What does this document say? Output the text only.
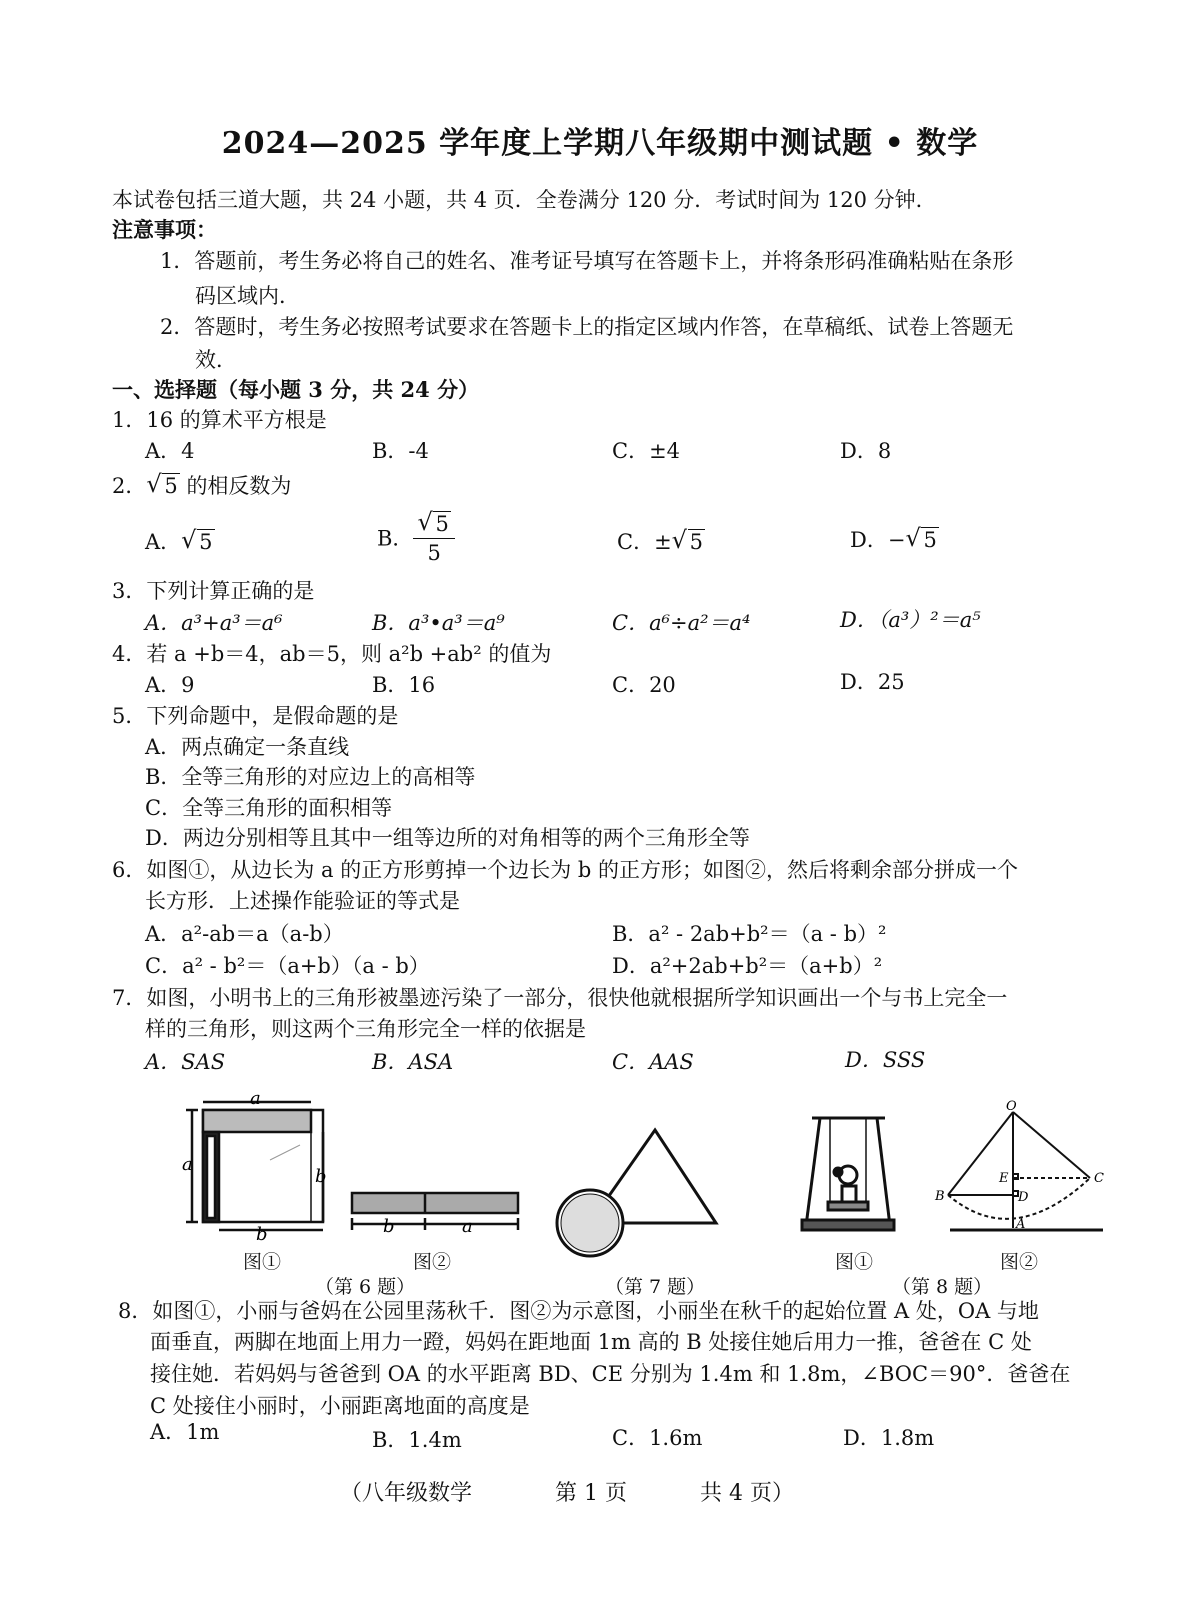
2024—2025 学年度上学期八年级期中测试题 • 数学
本试卷包括三道大题，共 24 小题，共 4 页．全卷满分 120 分．考试时间为 120 分钟．
注意事项：
1．答题前，考生务必将自己的姓名、准考证号填写在答题卡上，并将条形码准确粘贴在条形
码区域内．
2．答题时，考生务必按照考试要求在答题卡上的指定区域内作答，在草稿纸、试卷上答题无
效．
一、选择题（每小题 3 分，共 24 分）
1．16 的算术平方根是
A．4	B．-4	C．±4	D．8
2． √ 5 的相反数为
A． √ 5	B． $\frac{√ 5}{5}$	C．± √ 5	D．− √ 5
3．下列计算正确的是
A．a³+a³＝a⁶	B．a³•a³＝a⁹	C．a⁶÷a²＝a⁴	D．（a³）²＝a⁵
4．若 a +b＝4，ab＝5，则 a²b +ab² 的值为
A．9	B．16	C．20	D．25
5．下列命题中，是假命题的是
A．两点确定一条直线
B．全等三角形的对应边上的高相等
C．全等三角形的面积相等
D．两边分别相等且其中一组等边所的对角相等的两个三角形全等
6．如图①，从边长为 a 的正方形剪掉一个边长为 b 的正方形；如图②，然后将剩余部分拼成一个
长方形．上述操作能验证的等式是
A．a²-ab＝a（a-b）	B．a² - 2ab+b²＝（a - b）²
C．a² - b²＝（a+b）（a - b）	D．a²+2ab+b²＝（a+b）²
7．如图，小明书上的三角形被墨迹污染了一部分，很快他就根据所学知识画出一个与书上完全一
样的三角形，则这两个三角形完全一样的依据是
A．SAS	B．ASA	C．AAS	D．SSS
a
a
b
b	b	a
O
E	C
B	D
A
图①	图②
（第 6 题）	（第 7 题）
图①	图②
（第 8 题）
8．如图①，小丽与爸妈在公园里荡秋千．图②为示意图，小丽坐在秋千的起始位置 A 处，OA 与地
面垂直，两脚在地面上用力一蹬，妈妈在距地面 1m 高的 B 处接住她后用力一推，爸爸在 C 处
接住她．若妈妈与爸爸到 OA 的水平距离 BD、CE 分别为 1.4m 和 1.8m，∠BOC＝90°．爸爸在
C 处接住小丽时，小丽距离地面的高度是
A．1m	B．1.4m	C．1.6m	D．1.8m
（八年级数学	第 1 页	共 4 页）
